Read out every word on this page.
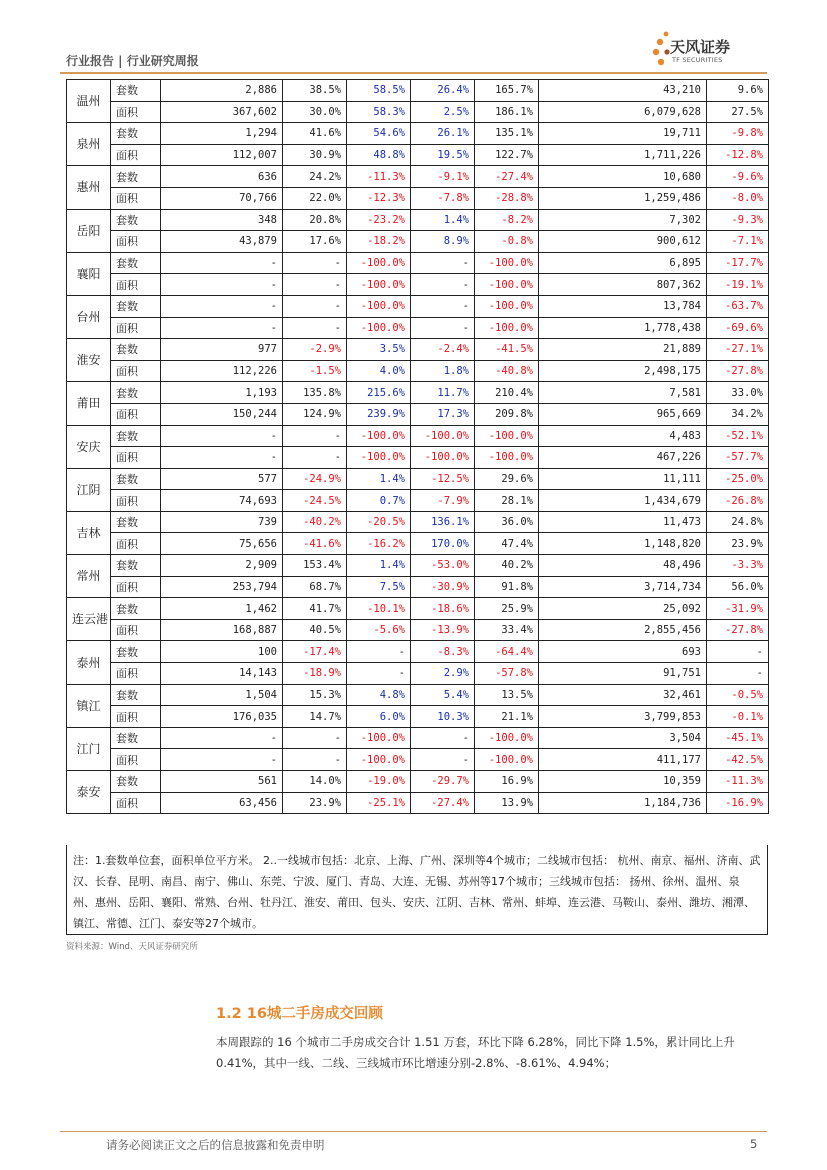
行业报告 | 行业研究周报
天风证券
TF SECURITIES
温州	套数	2,886	38.5%	58.5%	26.4%	165.7%	43,210	9.6%
	面积	367,602	30.0%	58.3%	2.5%	186.1%	6,079,628	27.5%
泉州	套数	1,294	41.6%	54.6%	26.1%	135.1%	19,711	-9.8%
	面积	112,007	30.9%	48.8%	19.5%	122.7%	1,711,226	-12.8%
惠州	套数	636	24.2%	-11.3%	-9.1%	-27.4%	10,680	-9.6%
	面积	70,766	22.0%	-12.3%	-7.8%	-28.8%	1,259,486	-8.0%
岳阳	套数	348	20.8%	-23.2%	1.4%	-8.2%	7,302	-9.3%
	面积	43,879	17.6%	-18.2%	8.9%	-0.8%	900,612	-7.1%
襄阳	套数	-	-	-100.0%	-	-100.0%	6,895	-17.7%
	面积	-	-	-100.0%	-	-100.0%	807,362	-19.1%
台州	套数	-	-	-100.0%	-	-100.0%	13,784	-63.7%
	面积	-	-	-100.0%	-	-100.0%	1,778,438	-69.6%
淮安	套数	977	-2.9%	3.5%	-2.4%	-41.5%	21,889	-27.1%
	面积	112,226	-1.5%	4.0%	1.8%	-40.8%	2,498,175	-27.8%
莆田	套数	1,193	135.8%	215.6%	11.7%	210.4%	7,581	33.0%
	面积	150,244	124.9%	239.9%	17.3%	209.8%	965,669	34.2%
安庆	套数	-	-	-100.0%	-100.0%	-100.0%	4,483	-52.1%
	面积	-	-	-100.0%	-100.0%	-100.0%	467,226	-57.7%
江阴	套数	577	-24.9%	1.4%	-12.5%	29.6%	11,111	-25.0%
	面积	74,693	-24.5%	0.7%	-7.9%	28.1%	1,434,679	-26.8%
吉林	套数	739	-40.2%	-20.5%	136.1%	36.0%	11,473	24.8%
	面积	75,656	-41.6%	-16.2%	170.0%	47.4%	1,148,820	23.9%
常州	套数	2,909	153.4%	1.4%	-53.0%	40.2%	48,496	-3.3%
	面积	253,794	68.7%	7.5%	-30.9%	91.8%	3,714,734	56.0%
连云港	套数	1,462	41.7%	-10.1%	-18.6%	25.9%	25,092	-31.9%
	面积	168,887	40.5%	-5.6%	-13.9%	33.4%	2,855,456	-27.8%
泰州	套数	100	-17.4%	-	-8.3%	-64.4%	693	-
	面积	14,143	-18.9%	-	2.9%	-57.8%	91,751	-
镇江	套数	1,504	15.3%	4.8%	5.4%	13.5%	32,461	-0.5%
	面积	176,035	14.7%	6.0%	10.3%	21.1%	3,799,853	-0.1%
江门	套数	-	-	-100.0%	-	-100.0%	3,504	-45.1%
	面积	-	-	-100.0%	-	-100.0%	411,177	-42.5%
泰安	套数	561	14.0%	-19.0%	-29.7%	16.9%	10,359	-11.3%
	面积	63,456	23.9%	-25.1%	-27.4%	13.9%	1,184,736	-16.9%
注：1.套数单位套，面积单位平方米。 2..一线城市包括：北京、上海、广州、深圳等4个城市；二线城市包括： 杭州、南京、福州、济南、武汉、长春、昆明、南昌、南宁、佛山、东莞、宁波、厦门、青岛、大连、无锡、苏州等17个城市；三线城市包括： 扬州、徐州、温州、泉州、惠州、岳阳、襄阳、常熟、台州、牡丹江、淮安、莆田、包头、安庆、江阴、吉林、常州、蚌埠、连云港、马鞍山、泰州、潍坊、湘潭、镇江、常德、江门、泰安等27个城市。
资料来源：Wind、天风证券研究所
1.2 16城二手房成交回顾
本周跟踪的 16 个城市二手房成交合计 1.51 万套，环比下降 6.28%，同比下降 1.5%，累计同比上升 0.41%，其中一线、二线、三线城市环比增速分别-2.8%、-8.61%、4.94%；
请务必阅读正文之后的信息披露和免责申明	5
